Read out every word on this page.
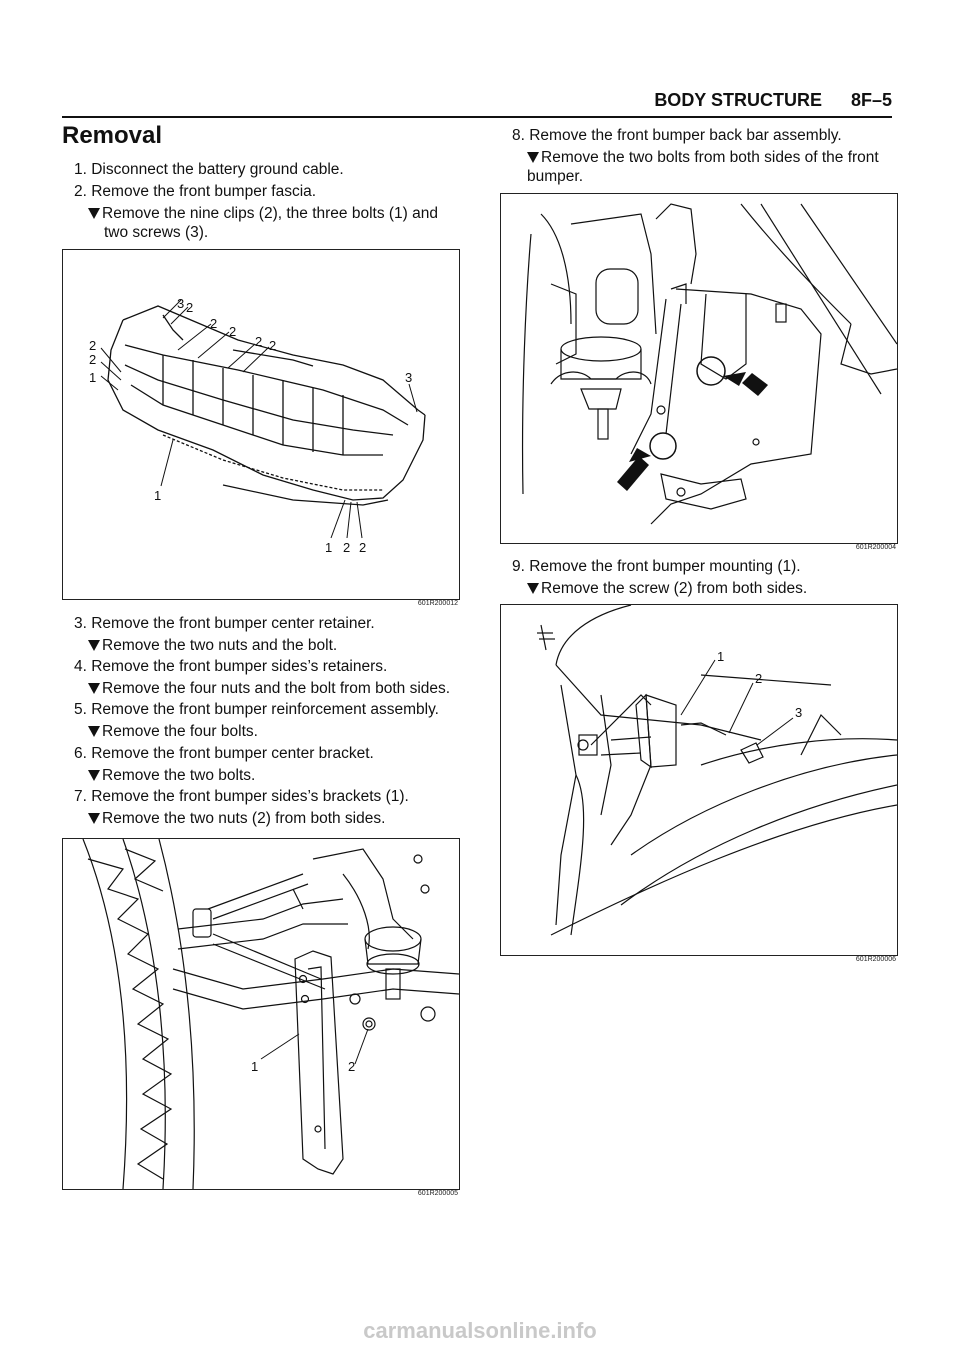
BODY STRUCTURE 8F–5
Removal
1. Disconnect the battery ground cable.
2. Remove the front bumper fascia.
Remove the nine clips (2), the three bolts (1) and
two screws (3).
3 2
2
2
2 2
2
2
1	3
1
1 2 2
601R200012
3. Remove the front bumper center retainer.
Remove the two nuts and the bolt.
4. Remove the front bumper sides’s retainers.
Remove the four nuts and the bolt from both sides.
5. Remove the front bumper reinforcement assembly.
Remove the four bolts.
6. Remove the front bumper center bracket.
Remove the two bolts.
7. Remove the front bumper sides’s brackets (1).
Remove the two nuts (2) from both sides.
1	2
601R200005
8. Remove the front bumper back bar assembly.
Remove the two bolts from both sides of the front
bumper.
601R200004
9. Remove the front bumper mounting (1).
Remove the screw (2) from both sides.
1
2
3
601R200006
carmanualsonline.info
